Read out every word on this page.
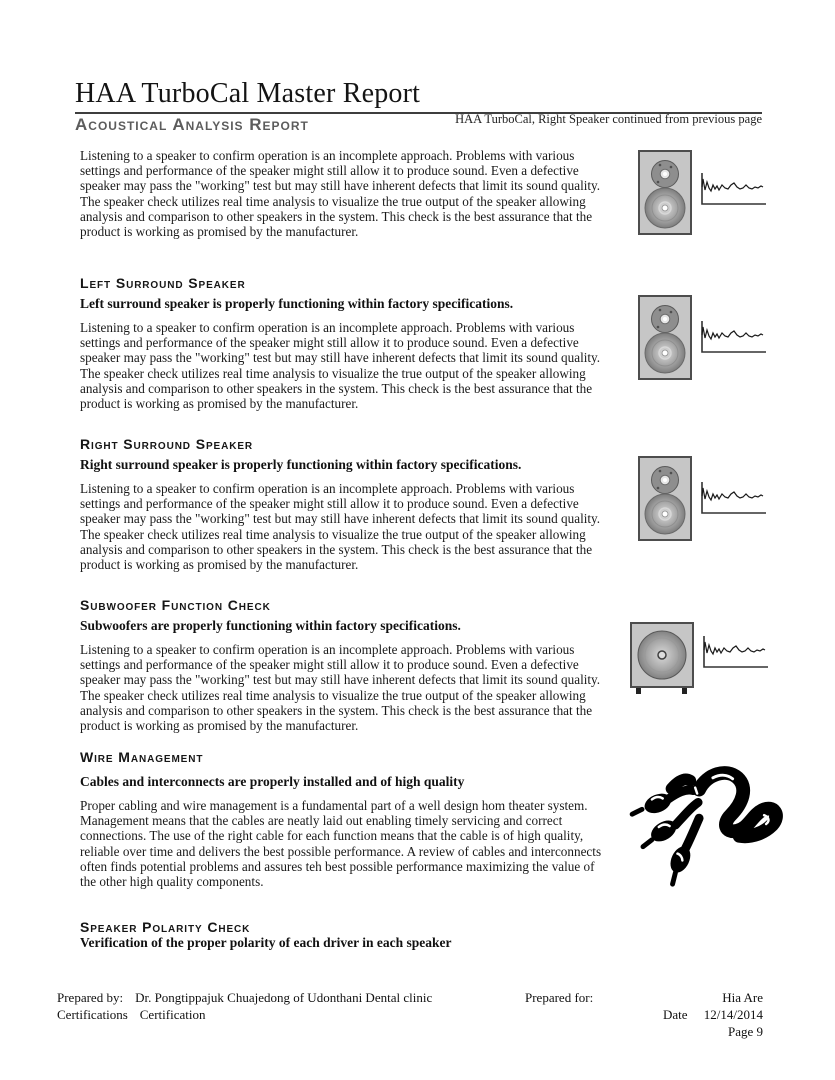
HAA TurboCal Master Report
Acoustical Analysis Report	HAA TurboCal, Right Speaker continued from previous page
Listening to a speaker to confirm operation is an incomplete approach. Problems with various settings and performance of the speaker might still allow it to produce sound. Even a defective speaker may pass the "working" test but may still have inherent defects that limit its sound quality. The speaker check utilizes real time analysis to visualize the true output of the speaker allowing analysis and comparison to other speakers in the system. This check is the best assurance that the product is working as promised by the manufacturer.
Left Surround Speaker
Left surround speaker is properly functioning within factory specifications.
Listening to a speaker to confirm operation is an incomplete approach. Problems with various settings and performance of the speaker might still allow it to produce sound. Even a defective speaker may pass the "working" test but may still have inherent defects that limit its sound quality. The speaker check utilizes real time analysis to visualize the true output of the speaker allowing analysis and comparison to other speakers in the system. This check is the best assurance that the product is working as promised by the manufacturer.
Right Surround Speaker
Right surround speaker is properly functioning within factory specifications.
Listening to a speaker to confirm operation is an incomplete approach. Problems with various settings and performance of the speaker might still allow it to produce sound. Even a defective speaker may pass the "working" test but may still have inherent defects that limit its sound quality. The speaker check utilizes real time analysis to visualize the true output of the speaker allowing analysis and comparison to other speakers in the system. This check is the best assurance that the product is working as promised by the manufacturer.
Subwoofer Function Check
Subwoofers are properly functioning within factory specifications.
Listening to a speaker to confirm operation is an incomplete approach. Problems with various settings and performance of the speaker might still allow it to produce sound. Even a defective speaker may pass the "working" test but may still have inherent defects that limit its sound quality. The speaker check utilizes real time analysis to visualize the true output of the speaker allowing analysis and comparison to other speakers in the system. This check is the best assurance that the product is working as promised by the manufacturer.
Wire Management
Cables and interconnects are properly installed and of high quality
Proper cabling and wire management is a fundamental part of a well design hom theater system. Management means that the cables are neatly laid out enabling timely servicing and correct connections. The use of the right cable for each function means that the cable is of high quality, reliable over time and delivers the best possible performance. A review of cables and interconnects often finds potential problems and assures teh best possible performance maximizing the value of the other high quality components.
Speaker Polarity Check
Verification of the proper polarity of each driver in each speaker
Prepared by: Dr. Pongtippajuk Chuajedong of Udonthani Dental clinic
Certifications Certification
Prepared for:	Hia Are
Date 12/14/2014
Page 9
